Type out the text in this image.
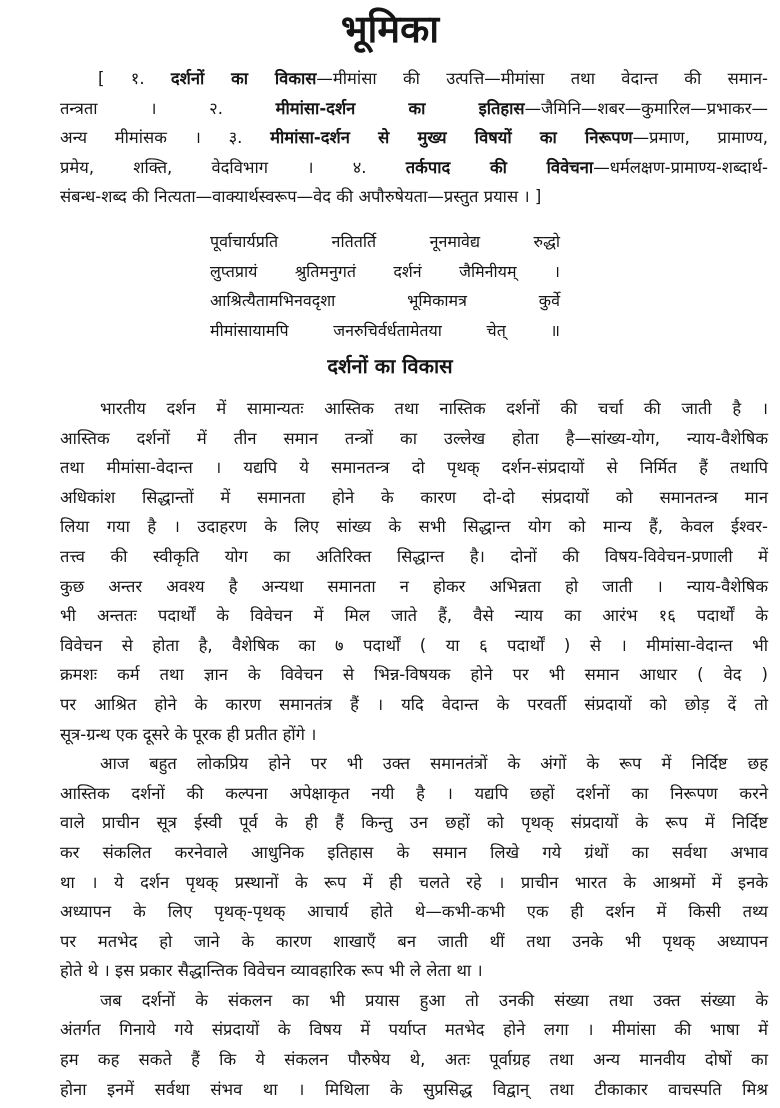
भूमिका
[ १. दर्शनों का विकास—मीमांसा की उत्पत्ति—मीमांसा तथा वेदान्त की समान-
तन्त्रता । २. मीमांसा-दर्शन का इतिहास—जैमिनि—शबर—कुमारिल—प्रभाकर—
अन्य मीमांसक । ३. मीमांसा-दर्शन से मुख्य विषयों का निरूपण—प्रमाण, प्रामाण्य,
प्रमेय, शक्ति, वेदविभाग । ४. तर्कपाद की विवेचना—धर्मलक्षण-प्रामाण्य-शब्दार्थ-
संबन्ध-शब्द की नित्यता—वाक्यार्थस्वरूप—वेद की अपौरुषेयता—प्रस्तुत प्रयास । ]
पूर्वाचार्यप्रति नतितर्ति नूनमावेद्य रुद्धो
लुप्तप्रायं श्रुतिमनुगतं दर्शनं जैमिनीयम् ।
आश्रित्यैतामभिनवदृशा भूमिकामत्र कुर्वे
मीमांसायामपि जनरुचिर्वर्धतामेतया चेत् ॥
दर्शनों का विकास
भारतीय दर्शन में सामान्यतः आस्तिक तथा नास्तिक दर्शनों की चर्चा की जाती है ।
आस्तिक दर्शनों में तीन समान तन्त्रों का उल्लेख होता है—सांख्य-योग, न्याय-वैशेषिक
तथा मीमांसा-वेदान्त । यद्यपि ये समानतन्त्र दो पृथक् दर्शन-संप्रदायों से निर्मित हैं तथापि
अधिकांश सिद्धान्तों में समानता होने के कारण दो-दो संप्रदायों को समानतन्त्र मान
लिया गया है । उदाहरण के लिए सांख्य के सभी सिद्धान्त योग को मान्य हैं, केवल ईश्वर-
तत्त्व की स्वीकृति योग का अतिरिक्त सिद्धान्त है। दोनों की विषय-विवेचन-प्रणाली में
कुछ अन्तर अवश्य है अन्यथा समानता न होकर अभिन्नता हो जाती । न्याय-वैशेषिक
भी अन्ततः पदार्थों के विवेचन में मिल जाते हैं, वैसे न्याय का आरंभ १६ पदार्थों के
विवेचन से होता है, वैशेषिक का ७ पदार्थों ( या ६ पदार्थों ) से । मीमांसा-वेदान्त भी
क्रमशः कर्म तथा ज्ञान के विवेचन से भिन्न-विषयक होने पर भी समान आधार ( वेद )
पर आश्रित होने के कारण समानतंत्र हैं । यदि वेदान्त के परवर्ती संप्रदायों को छोड़ दें तो
सूत्र-ग्रन्थ एक दूसरे के पूरक ही प्रतीत होंगे ।
आज बहुत लोकप्रिय होने पर भी उक्त समानतंत्रों के अंगों के रूप में निर्दिष्ट छह
आस्तिक दर्शनों की कल्पना अपेक्षाकृत नयी है । यद्यपि छहों दर्शनों का निरूपण करने
वाले प्राचीन सूत्र ईस्वी पूर्व के ही हैं किन्तु उन छहों को पृथक् संप्रदायों के रूप में निर्दिष्ट
कर संकलित करनेवाले आधुनिक इतिहास के समान लिखे गये ग्रंथों का सर्वथा अभाव
था । ये दर्शन पृथक् प्रस्थानों के रूप में ही चलते रहे । प्राचीन भारत के आश्रमों में इनके
अध्यापन के लिए पृथक्-पृथक् आचार्य होते थे—कभी-कभी एक ही दर्शन में किसी तथ्य
पर मतभेद हो जाने के कारण शाखाएँ बन जाती थीं तथा उनके भी पृथक् अध्यापन
होते थे । इस प्रकार सैद्धान्तिक विवेचन व्यावहारिक रूप भी ले लेता था ।
जब दर्शनों के संकलन का भी प्रयास हुआ तो उनकी संख्या तथा उक्त संख्या के
अंतर्गत गिनाये गये संप्रदायों के विषय में पर्याप्त मतभेद होने लगा । मीमांसा की भाषा में
हम कह सकते हैं कि ये संकलन पौरुषेय थे, अतः पूर्वाग्रह तथा अन्य मानवीय दोषों का
होना इनमें सर्वथा संभव था । मिथिला के सुप्रसिद्ध विद्वान् तथा टीकाकार वाचस्पति मिश्र
